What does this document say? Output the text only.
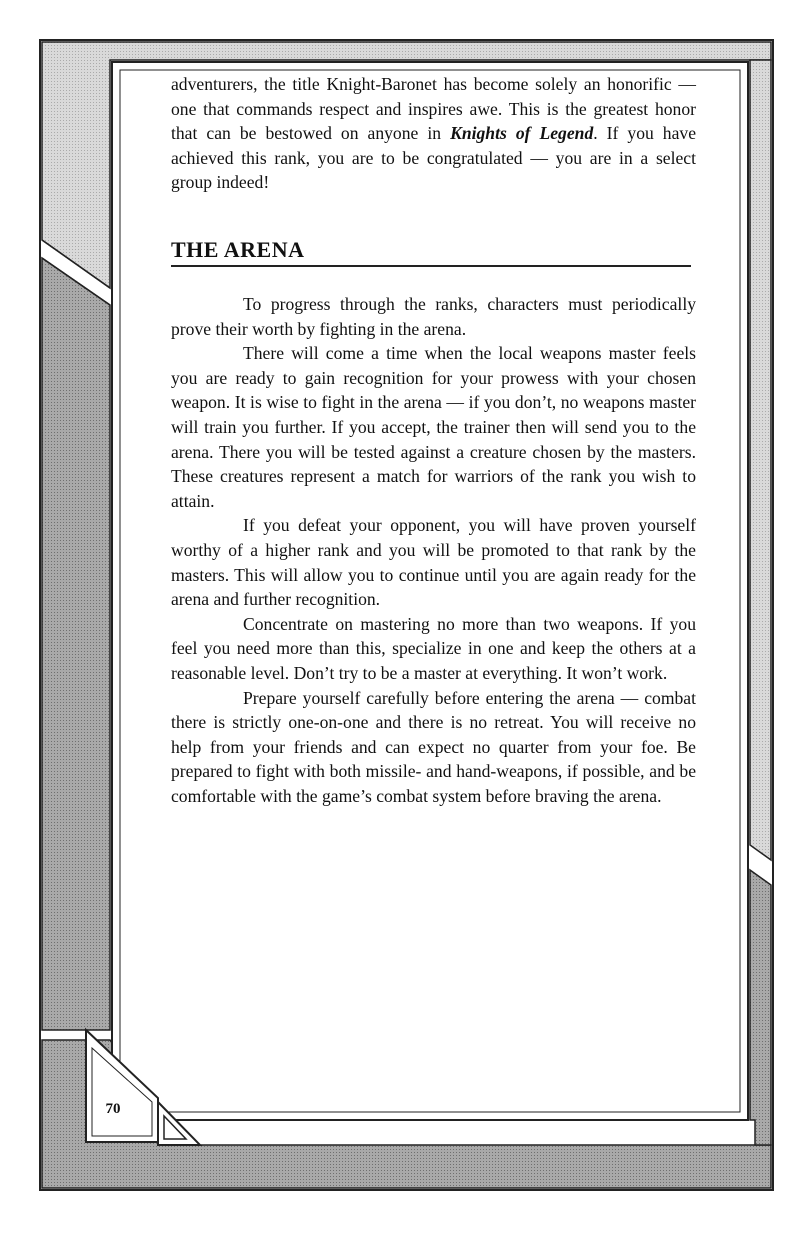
adventurers, the title Knight-Baronet has become solely an honorific — one that commands respect and inspires awe. This is the greatest honor that can be bestowed on anyone in Knights of Legend. If you have achieved this rank, you are to be congratulated — you are in a select group indeed!
THE ARENA

To progress through the ranks, characters must periodically prove their worth by fighting in the arena.

There will come a time when the local weapons master feels you are ready to gain recognition for your prowess with your chosen weapon. It is wise to fight in the arena — if you don’t, no weapons master will train you further. If you accept, the trainer then will send you to the arena. There you will be tested against a creature chosen by the masters. These creatures represent a match for warriors of the rank you wish to attain.

If you defeat your opponent, you will have proven yourself worthy of a higher rank and you will be promoted to that rank by the masters. This will allow you to continue until you are again ready for the arena and further recognition.

Concentrate on mastering no more than two weapons. If you feel you need more than this, specialize in one and keep the others at a reasonable level. Don’t try to be a master at everything. It won’t work.

Prepare yourself carefully before entering the arena — combat there is strictly one-on-one and there is no retreat. You will receive no help from your friends and can expect no quarter from your foe. Be prepared to fight with both missile- and hand-weapons, if possible, and be comfortable with the game’s combat system before braving the arena.

70
